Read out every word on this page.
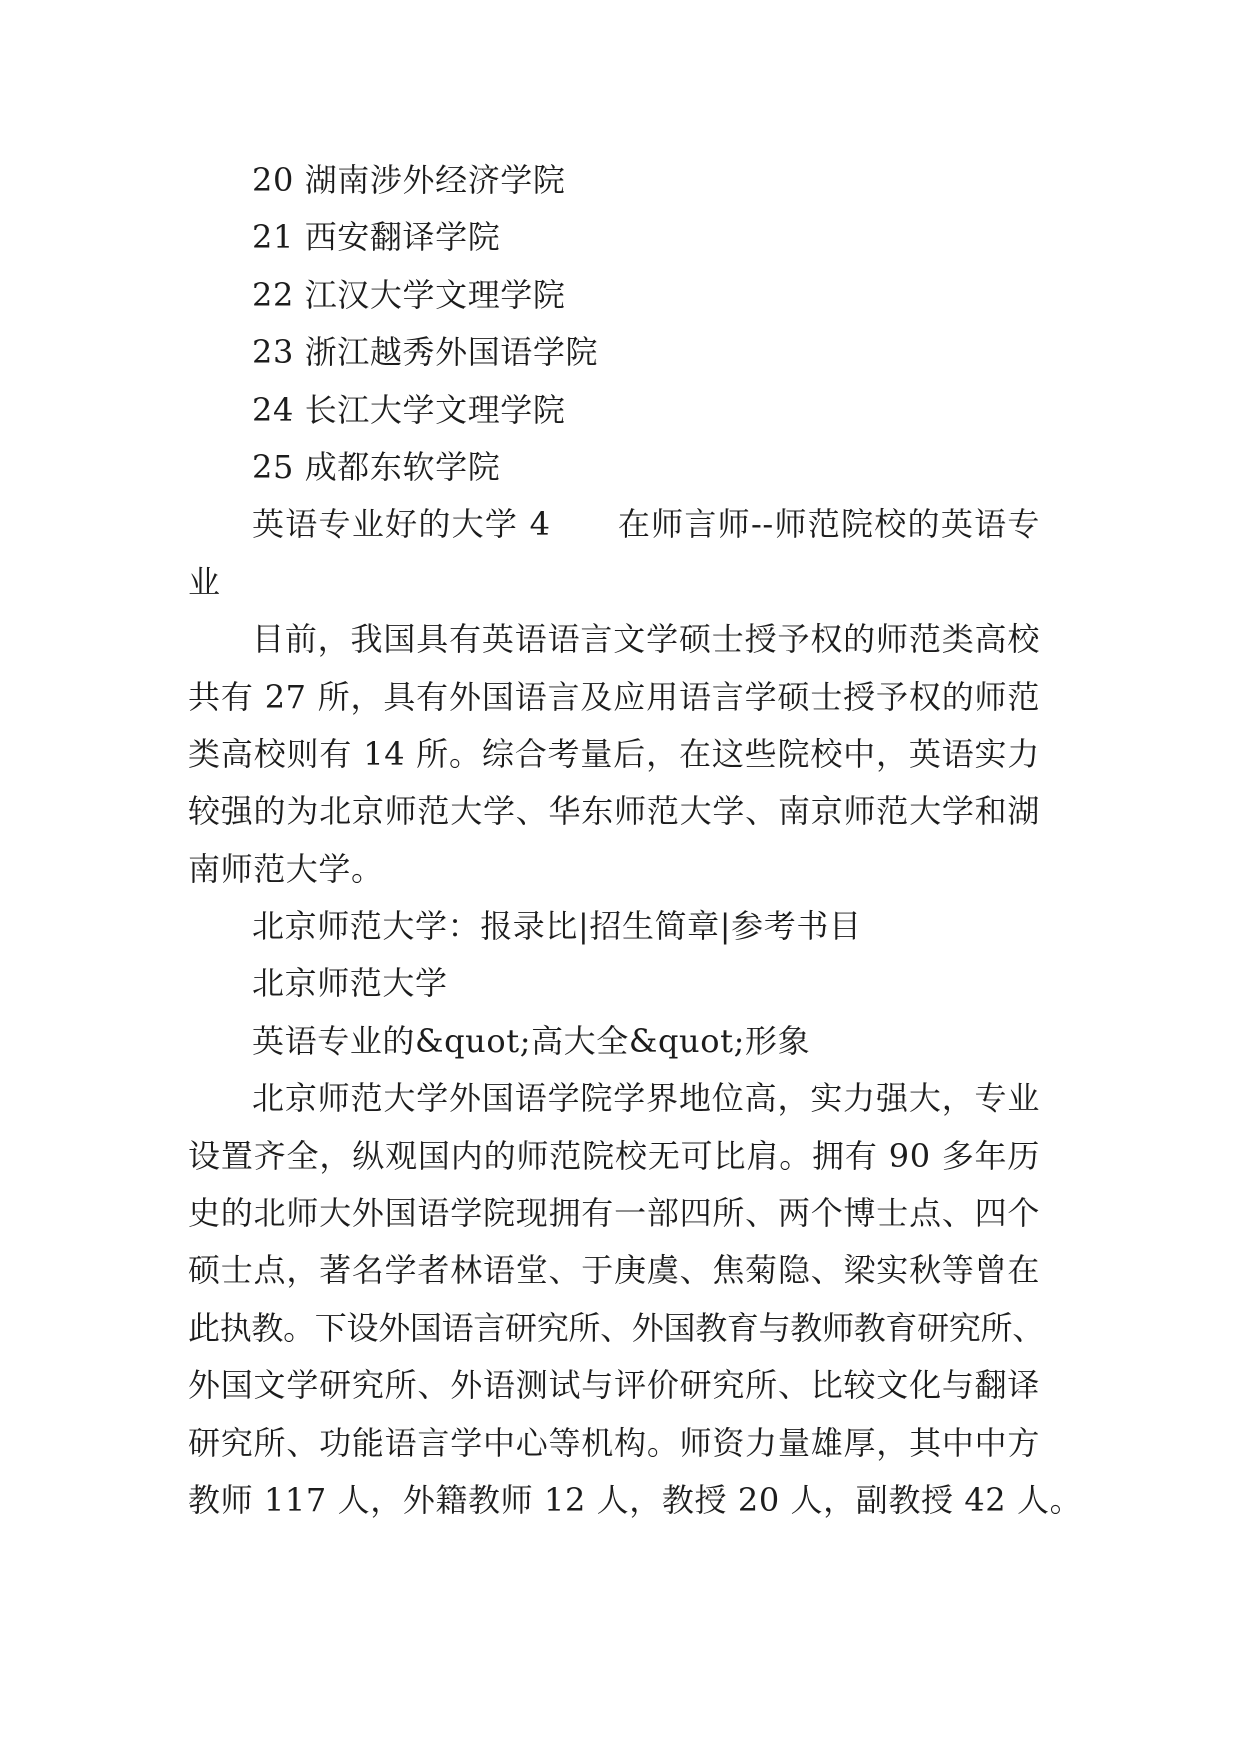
20 湖南涉外经济学院
21 西安翻译学院
22 江汉大学文理学院
23 浙江越秀外国语学院
24 长江大学文理学院
25 成都东软学院
英语专业好的大学 4　　在师言师--师范院校的英语专
业
目前，我国具有英语语言文学硕士授予权的师范类高校
共有 27 所，具有外国语言及应用语言学硕士授予权的师范
类高校则有 14 所。综合考量后，在这些院校中，英语实力
较强的为北京师范大学、华东师范大学、南京师范大学和湖
南师范大学。
北京师范大学：报录比|招生简章|参考书目
北京师范大学
英语专业的&quot;高大全&quot;形象
北京师范大学外国语学院学界地位高，实力强大，专业
设置齐全，纵观国内的师范院校无可比肩。拥有 90 多年历
史的北师大外国语学院现拥有一部四所、两个博士点、四个
硕士点，著名学者林语堂、于庚虞、焦菊隐、梁实秋等曾在
此执教。下设外国语言研究所、外国教育与教师教育研究所、
外国文学研究所、外语测试与评价研究所、比较文化与翻译
研究所、功能语言学中心等机构。师资力量雄厚，其中中方
教师 117 人，外籍教师 12 人，教授 20 人，副教授 42 人。
